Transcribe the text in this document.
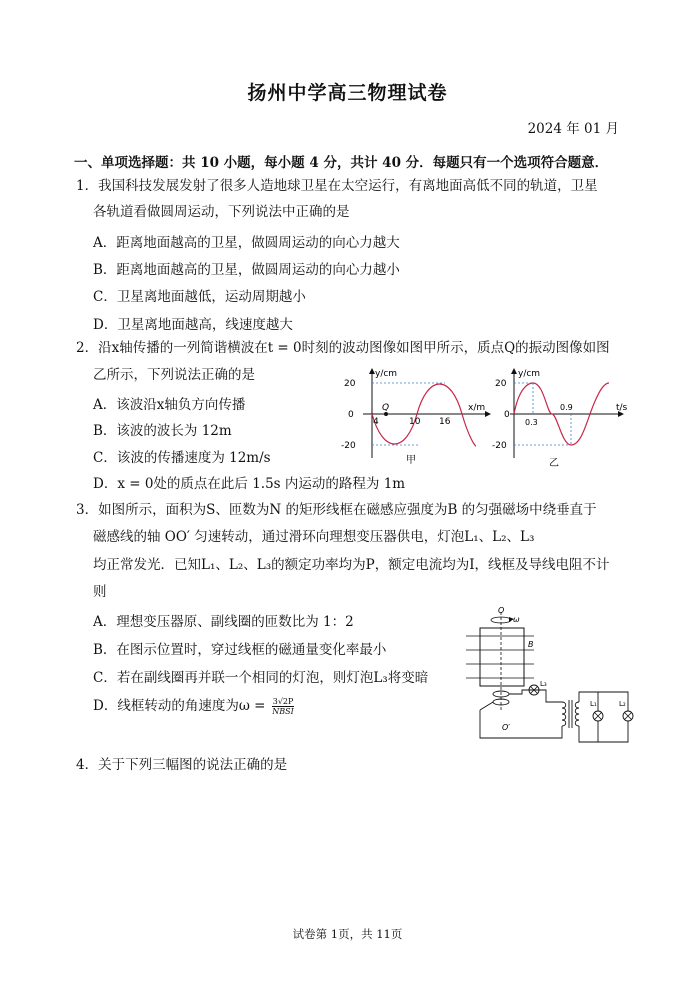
扬州中学高三物理试卷
2024 年 01 月
一、单项选择题：共 10 小题，每小题 4 分，共计 40 分．每题只有一个选项符合题意．
1．我国科技发展发射了很多人造地球卫星在太空运行，有离地面高低不同的轨道，卫星
各轨道看做圆周运动，下列说法中正确的是
A．距离地面越高的卫星，做圆周运动的向心力越大
B．距离地面越高的卫星，做圆周运动的向心力越小
C．卫星离地面越低，运动周期越小
D．卫星离地面越高，线速度越大
2．沿x轴传播的一列简谐横波在t = 0时刻的波动图像如图甲所示，质点Q的振动图像如图
乙所示，下列说法正确的是
A．该波沿x轴负方向传播
B．该波的波长为 12m
C．该波的传播速度为 12m/s
D．x = 0处的质点在此后 1.5s 内运动的路程为 1m
y/cm
x/m
20
0
-20
4	10 16
Q
甲
y/cm
t/s
20
0
-20
0.3
0.9
乙
3．如图所示，面积为S、匝数为N 的矩形线框在磁感应强度为B 的匀强磁场中绕垂直于
磁感线的轴 OO′ 匀速转动，通过滑环向理想变压器供电，灯泡L₁、L₂、L₃
均正常发光．已知L₁、L₂、L₃的额定功率均为P，额定电流均为I，线框及导线电阻不计
则
A．理想变压器原、副线圈的匝数比为 1：2
B．在图示位置时，穿过线框的磁通量变化率最小
C．若在副线圈再并联一个相同的灯泡，则灯泡L₃将变暗
D．线框转动的角速度为ω = 3√2P
NBSI
O
ω
B
O′
L₃
L₁	L₂
4．关于下列三幅图的说法正确的是
试卷第 1页，共 11页
